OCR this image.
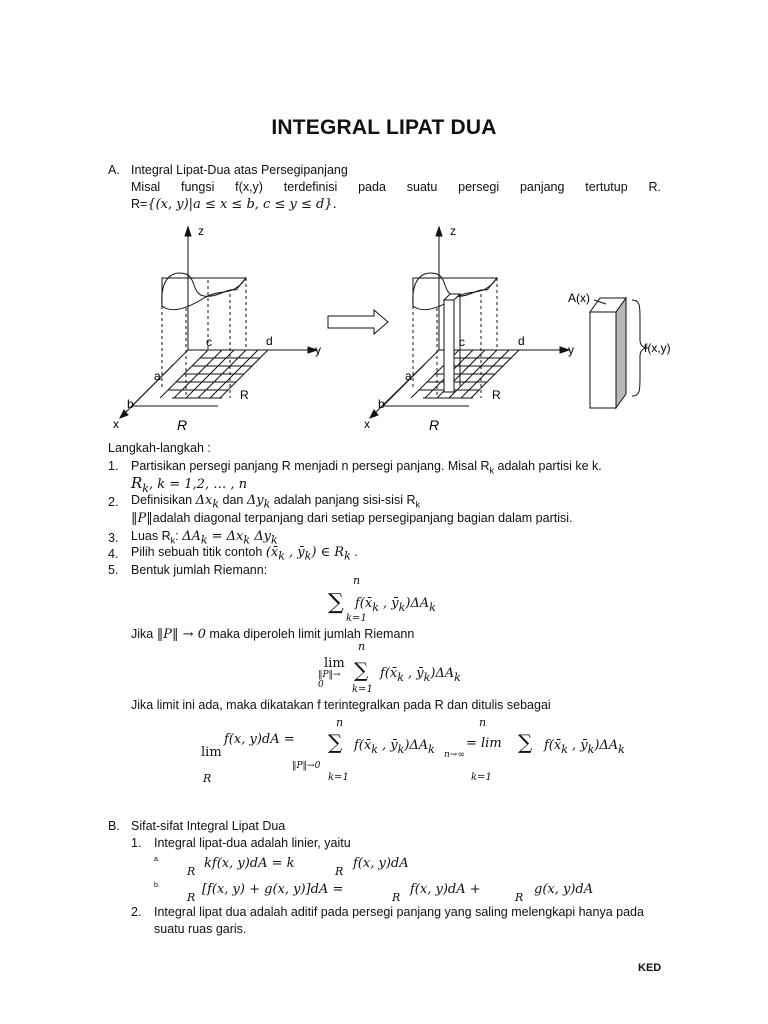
INTEGRAL LIPAT DUA
A. Integral Lipat-Dua atas Persegipanjang
Misal fungsi f(x,y) terdefinisi pada suatu persegi panjang tertutup R.
R={(x, y)|a ≤ x ≤ b, c ≤ y ≤ d}.
z
y
x
a
b
c	d
R
R
z
y
x
a
b
c	d
R
R
A(x)
f(x,y)
Langkah-langkah :
1. Partisikan persegi panjang R menjadi n persegi panjang. Misal $R_k$ adalah partisi ke k.
$R_k$, k = 1,2, … , n
2. Definisikan $\Delta x_k$ dan $\Delta y_k$ adalah panjang sisi-sisi $R_k$
‖P‖adalah diagonal terpanjang dari setiap persegipanjang bagian dalam partisi.
3. Luas $R_k$: $\Delta A_k = \Delta x_k$ $\Delta y_k$
4. Pilih sebuah titik contoh ($x̄_k$ , $ȳ_k$) ∈ $R_k$ .
5. Bentuk jumlah Riemann:
n
∑
k=1
$f(x̄_k$ , $ȳ_k)\Delta A_k$
Jika ‖P‖ → 0 maka diperoleh limit jumlah Riemann
n
lim
‖P‖→
0
∑
k=1
$f(x̄_k$ , $ȳ_k)\Delta A_k$
Jika limit ini ada, maka dikatakan f terintegralkan pada R dan ditulis sebagai
n	n
lim
R
f(x, y)dA =
‖P‖→0
∑
k=1
$f(x̄_k$ , $ȳ_k)\Delta A_k = \lim$
n→∞
∑
k=1
$f(x̄_k$ , $ȳ_k)\Delta A_k$
B. Sifat-sifat Integral Lipat Dua
1. Integral lipat-dua adalah linier, yaitu
a.
R
kf(x, y)dA = k
R
f(x, y)dA
b.
R
[f(x, y) + g(x, y)]dA =
R
f(x, y)dA +
R
g(x, y)dA
2. Integral lipat dua adalah aditif pada persegi panjang yang saling melengkapi hanya pada
suatu ruas garis.
KED
